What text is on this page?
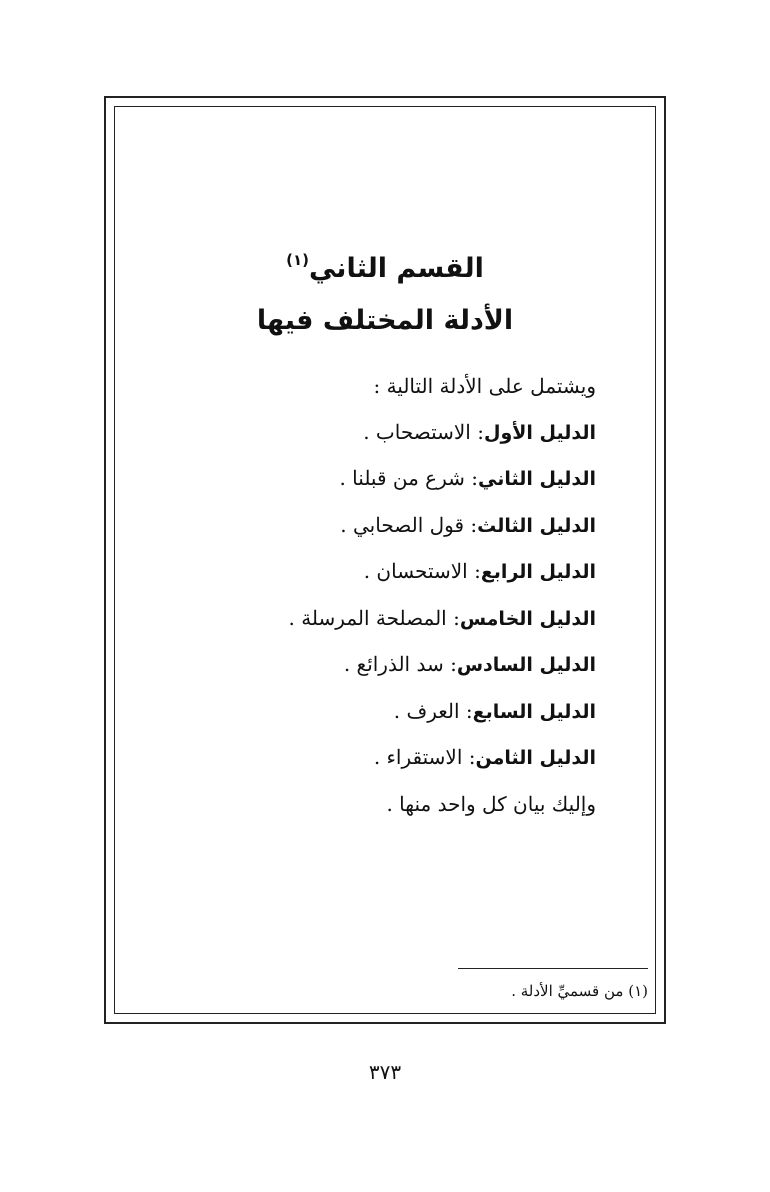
القسم الثاني$^{(١)}$

الأدلة المختلف فيها

ويشتمل على الأدلة التالية :
الدليل الأول: الاستصحاب .
الدليل الثاني: شرع من قبلنا .
الدليل الثالث: قول الصحابي .
الدليل الرابع: الاستحسان .
الدليل الخامس: المصلحة المرسلة .
الدليل السادس: سد الذرائع .
الدليل السابع: العرف .
الدليل الثامن: الاستقراء .
وإليك بيان كل واحد منها .
(١) من قسميِّ الأدلة .
٣٧٣
